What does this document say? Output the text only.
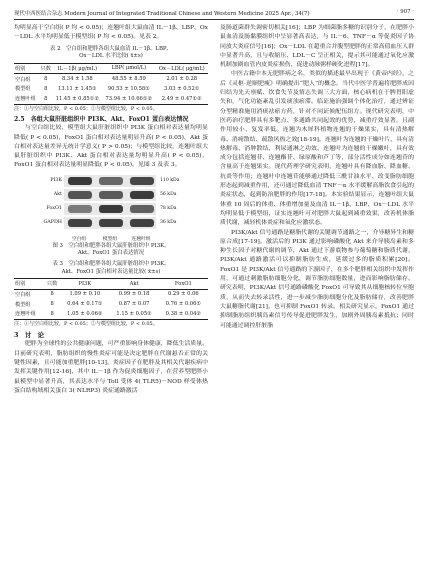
现代中西医结合杂志 Modern Journal of Integrated Traditional Chinese and Western Medicine 2025 Apr., 34(7)	· 907 ·

均明显高于空白组( P 均 < 0.05)；连翘叶组大鼠血清 IL－1β、LBP、Ox－LDL 水平均明显低于模型组( P 均 < 0.05)。见表 2。

表 2　空白组和肥胖各组大鼠血清 IL－1β、LBP、
Ox－LDL 水平比较( x̄±s)
组别	只数	IL－1β( μg/mL)	LBP( μmol/L)	Ox－LDL( μg/mL)
空白组	8	8.34 ± 1.58	48.55 ± 8.59	2.01 ± 0.28
模型组	8	13.11 ± 1.45①	90.53 ± 10.58①	3.03 ± 0.52①
连翘叶组	8	11.45 ± 0.85①②	73.94 ± 10.66①②	2.49 ± 0.47①②
注：①与空白组比较，P < 0.05；②与模型组比较，P < 0.05。
2.5　各组大鼠肝脏组织中 PI3K、Akt、FoxO1 蛋白表达情况

与空白组比较，模型组大鼠肝脏组织中 PI3K 蛋白相对表达量均明显降低( P < 0.05)，FoxO1 蛋白相对表达量明显升高( P < 0.05)，Akt 蛋白相对表达量差异无统计学意义( P > 0.05)；与模型组比较，连翘叶组大鼠肝脏组织中 PI3K、Akt 蛋白相对表达量均明显升高( P < 0.05)，FoxO1 蛋白相对表达量明显降低( P < 0.05)。见图 3 及表 3。

PI3K
Akt
FoxO1
GAPDH
110 kDa
56 kDa
78 kDa
36 kDa
空白组	模型组	连翘叶组
图 3　空白组和肥胖各组大鼠肝脏组织中 PI3K、
Akt、FoxO1 蛋白表达情况
表 3　空白组和肥胖各组大鼠肝脏组织中 PI3K、
Akt、FoxO1 蛋白相对表达量比较( x̄±s)
组别	只数	PI3K	Akt	FoxO1
空白组	8	1.09 ± 0.10	0.99 ± 0.18	0.29 ± 0.06
模型组	8	0.64 ± 0.17①	0.87 ± 0.07	0.76 ± 0.06①
连翘叶组	8	1.05 ± 0.06②	1.15 ± 0.05②	0.38 ± 0.04②
注：①与空白组比较，P < 0.05；②与模型组比较，P < 0.05。
3　讨　论

肥胖为全球性的公共健康问题，可严重影响身体健康，降低生活质量。目前研究表明，脂肪组织的慢性炎症可能是决定肥胖在代谢悬否正常的关键性因素，且可能加重肥胖[10-13]。炎症因子在肥胖及其相关代谢疾病中发挥关键作用[12-16]，其中 IL－1β 作为促炎细胞因子，在营养型肥胖小鼠模型中显著升高，其表达水平与 Toll 受体 4( TLR5)－NOD 样受体热蛋白结构域相关蛋白 3( NLRP3) 炎症通路激活

及肠道菌群失调密切相关[16]；LBP 为细菌脂多糖的识别分子，在肥胖小鼠血清及肠黏膜组织中呈显著高表达，与 IL－6、TNF－α 等促炎因子协同放大炎症信号[16]；Ox－LDL 在超重合并腹型肥胖的正常高值血压人群中显著升高，且与收缩压、LDL－C 呈正相关，提示其可能通过氧化应激机制加剧血管内皮炎症损伤，促进动脉粥样硬化进程[17]。

中医古籍中本无肥胖病之名，类似的描述最早出现于《黄帝内经》，之后《灵枢·逆顺肥瘦》明确提出“肥人”的概念。当代中医学普遍将肥胖成因归结为先天禀赋、饮食失节及情志失调三大方面，核心病机在于脾胃阳虚失和，气化功能紊乱引发痰浊瘀滞。临证施治强调个体化治疗，通过辨证分型精准施用消痰祛瘀方药，针对不同证候配伍组方。现代研究表明，中医药治疗肥胖具有多靶点、多通路共同起效的优势，减重疗效显著，且副作用较小、复发率低。连翘为木犀科植物连翘的干燥果实，具有清热解毒、消痈散结、疏散风热之效[18-19]。连翘叶为连翘的干燥叶片，具有清热解毒、消肿散结、利尿通淋之功效。连翘叶为连翘的干燥嫩叶，具有效成分包括连翘苷、连翘酯苷、绿原酸和芦丁等，部分活性成分如连翘苷的含量高于连翘果实。现代药理学研究表明，连翘叶具有降血脂、降血糖、抗炎等作用；连翘叶中连翘苷能够通过降低三酰甘油水平、改变脂肪细胞形态起到减重作用，还可通过降低血清 TNF－α 水平缓解高脂饮食引起的炎症状态，起到防治肥胖的作用[17-18]。本实验结果显示，连翘叶组大鼠体重 10 周后的体重、体重增加量及血清 IL－1β、LBP、Ox－LDL 水平均明显低于模型组，证实连翘叶可对肥胖大鼠起到减重效果，改善机体脂质代谢，减轻机体炎症和氧化应激状态。

PI3K/Akt 信号通路是糖脂代谢的关键调节通路之一，介导糖异生和糖原合成[17-19]。激活后的 PI3K 通过影响磷酸化 Akt 来介导胰岛素和多种生长因子对糖代谢的调节，Akt 通过下游底物参与葡萄糖和脂质代谢，PI3K/Akt 通路激活可以抑制脂肪生成，延缓过多的脂质积累[20]。FoxO1 是 PI3K/Akt 信号通路的下游因子，在多个肥胖相关组织中发挥作用，可通过刺激脂肪细胞分化，调节脂肪细胞数量，进而影响脂肪储存。研究表明，PI3K/Akt 信号通路磷酸化 FoxO1 可导致其从细胞核转位至胞质，从而失去转录活性，进一步减少脂肪细胞分化及脂肪储存，改善肥胖大鼠糖脂代谢[21]，也可抑制 FoxO1 转录。相关研究显示，FoxO1 通过抑制脂肪组织胰岛素信号传导促进肥胖发生，加剧外周胰岛素抵抗；同时可能通过调控肝脏脂
